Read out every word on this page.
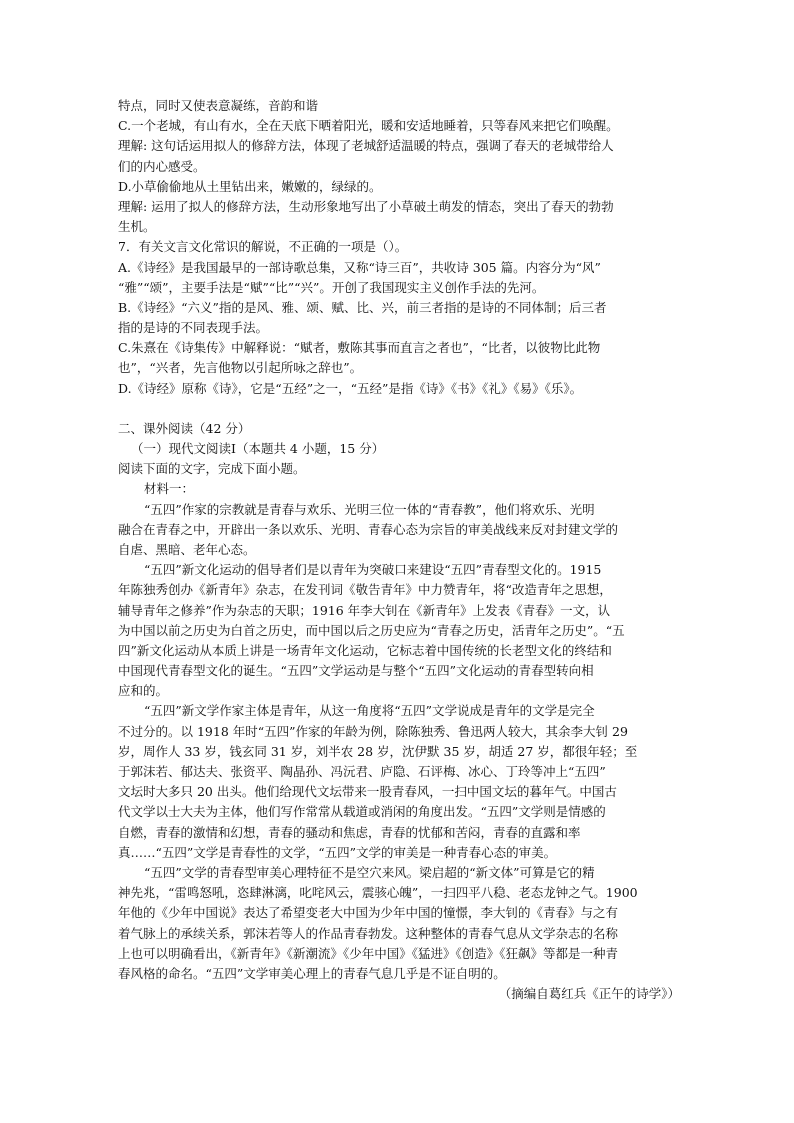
特点，同时又使表意凝练，音韵和谐
C.一个老城，有山有水，全在天底下晒着阳光，暖和安适地睡着，只等春风来把它们唤醒。
理解: 这句话运用拟人的修辞方法，体现了老城舒适温暖的特点，强调了春天的老城带给人
们的内心感受。
D.小草偷偷地从土里钻出来，嫩嫩的，绿绿的。
理解: 运用了拟人的修辞方法，生动形象地写出了小草破土萌发的情态，突出了春天的勃勃
生机。
7．有关文言文化常识的解说，不正确的一项是（）。
A.《诗经》是我国最早的一部诗歌总集，又称“诗三百”，共收诗 305 篇。内容分为“风”
“雅”“颂”，主要手法是“赋”“比”“兴”。开创了我国现实主义创作手法的先河。
B.《诗经》“六义”指的是风、雅、颂、赋、比、兴，前三者指的是诗的不同体制；后三者
指的是诗的不同表现手法。
C.朱熹在《诗集传》中解释说：“赋者，敷陈其事而直言之者也”，“比者，以彼物比此物
也”，“兴者，先言他物以引起所咏之辞也”。
D.《诗经》原称《诗》，它是“五经”之一，“五经”是指《诗》《书》《礼》《易》《乐》。
二、课外阅读（42 分）
（一）现代文阅读Ⅰ（本题共 4 小题，15 分）
阅读下面的文字，完成下面小题。
材料一：
“五四”作家的宗教就是青春与欢乐、光明三位一体的“青春教”，他们将欢乐、光明
融合在青春之中，开辟出一条以欢乐、光明、青春心态为宗旨的审美战线来反对封建文学的
自虐、黑暗、老年心态。
“五四”新文化运动的倡导者们是以青年为突破口来建设“五四”青春型文化的。1915
年陈独秀创办《新青年》杂志，在发刊词《敬告青年》中力赞青年，将“改造青年之思想，
辅导青年之修养”作为杂志的天职；1916 年李大钊在《新青年》上发表《青春》一文，认
为中国以前之历史为白首之历史，而中国以后之历史应为“青春之历史，活青年之历史”。“五
四”新文化运动从本质上讲是一场青年文化运动，它标志着中国传统的长老型文化的终结和
中国现代青春型文化的诞生。“五四”文学运动是与整个“五四”文化运动的青春型转向相
应和的。
“五四”新文学作家主体是青年，从这一角度将“五四”文学说成是青年的文学是完全
不过分的。以 1918 年时“五四”作家的年龄为例，除陈独秀、鲁迅两人较大，其余李大钊 29
岁，周作人 33 岁，钱玄同 31 岁，刘半农 28 岁，沈伊默 35 岁，胡适 27 岁，都很年轻；至
于郭沫若、郁达夫、张资平、陶晶孙、冯沅君、庐隐、石评梅、冰心、丁玲等冲上“五四”
文坛时大多只 20 出头。他们给现代文坛带来一股青春风，一扫中国文坛的暮年气。中国古
代文学以士大夫为主体，他们写作常常从载道或消闲的角度出发。“五四”文学则是情感的
自燃，青春的激情和幻想，青春的骚动和焦虑，青春的忧郁和苦闷，青春的直露和率
真……“五四”文学是青春性的文学，“五四”文学的审美是一种青春心态的审美。
“五四”文学的青春型审美心理特征不是空穴来风。梁启超的“新文体”可算是它的精
神先兆，“雷鸣怒吼，恣肆淋漓，叱咤风云，震骇心魄”，一扫四平八稳、老态龙钟之气。1900
年他的《少年中国说》表达了希望变老大中国为少年中国的憧憬，李大钊的《青春》与之有
着气脉上的承续关系，郭沫若等人的作品青春勃发。这种整体的青春气息从文学杂志的名称
上也可以明确看出，《新青年》《新潮流》《少年中国》《猛进》《创造》《狂飙》等都是一种青
春风格的命名。“五四”文学审美心理上的青春气息几乎是不证自明的。
（摘编自葛红兵《正午的诗学》）
